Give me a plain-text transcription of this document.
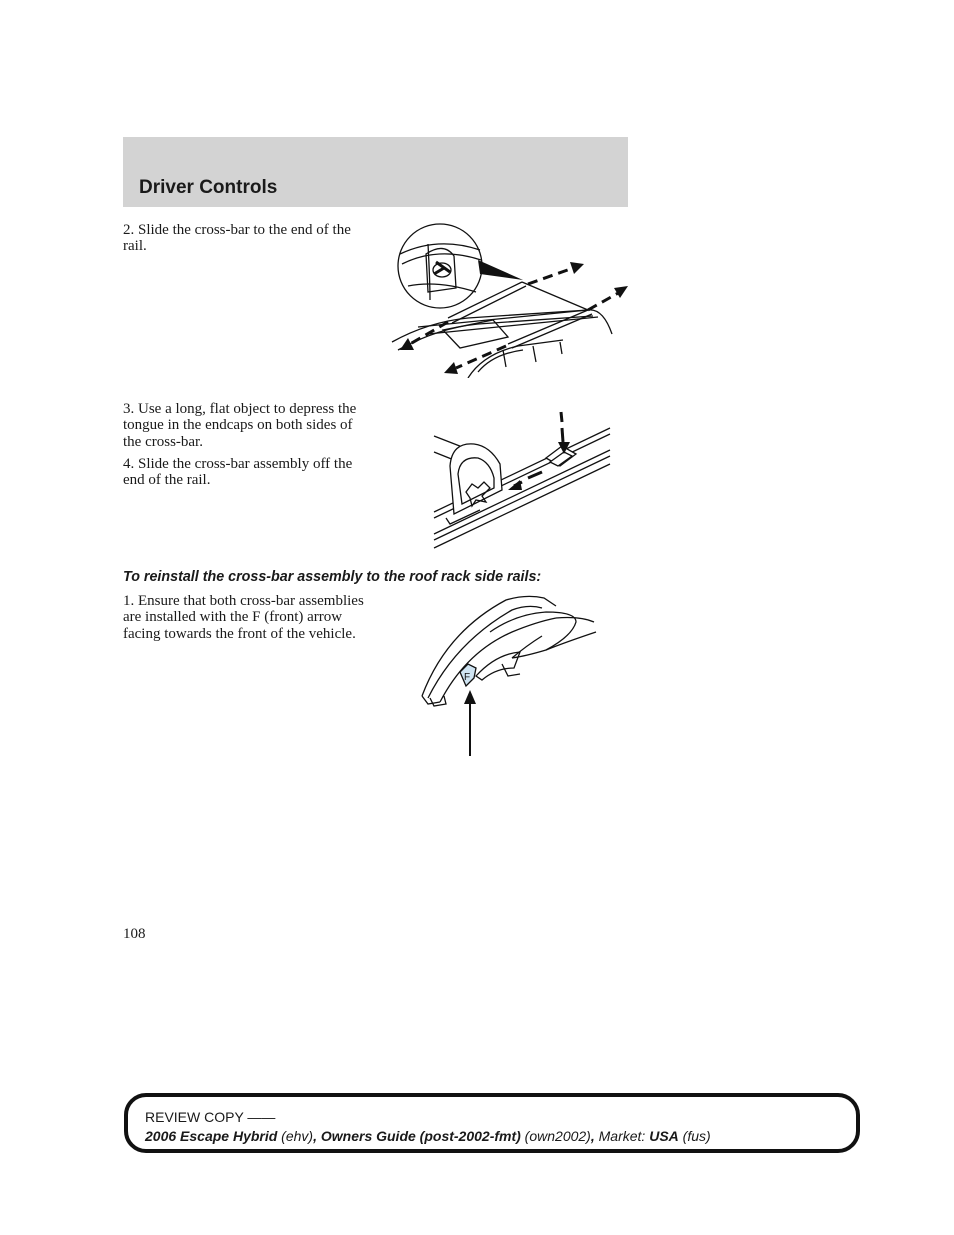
Driver Controls

2. Slide the cross-bar to the end of the rail.

3. Use a long, flat object to depress the tongue in the endcaps on both sides of the cross-bar.

4. Slide the cross-bar assembly off the end of the rail.

To reinstall the cross-bar assembly to the roof rack side rails:

1. Ensure that both cross-bar assemblies are installed with the F (front) arrow facing towards the front of the vehicle.

F
108
REVIEW COPY ——
2006 Escape Hybrid (ehv), Owners Guide (post-2002-fmt) (own2002), Market: USA (fus)
